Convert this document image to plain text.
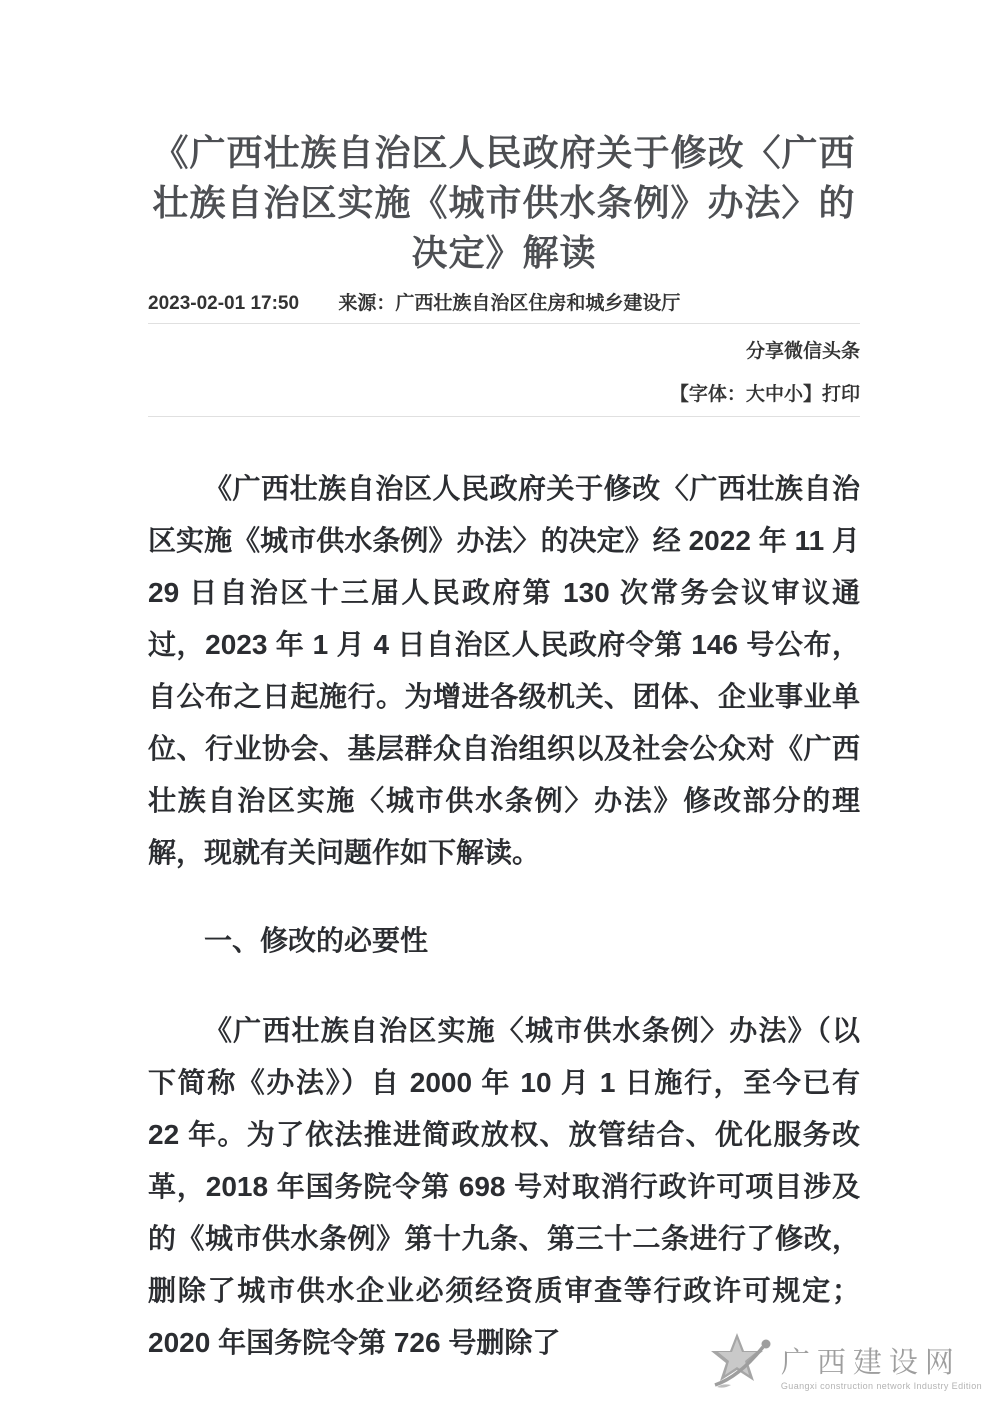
《广西壮族自治区人民政府关于修改〈广西壮族自治区实施《城市供水条例》办法〉的决定》解读
2023-02-01 17:50 来源：广西壮族自治区住房和城乡建设厅
分享微信头条
【字体：大中小】打印

《广西壮族自治区人民政府关于修改〈广西壮族自治区实施《城市供水条例》办法〉的决定》经 2022 年 11 月 29 日自治区十三届人民政府第 130 次常务会议审议通过，2023 年 1 月 4 日自治区人民政府令第 146 号公布，自公布之日起施行。为增进各级机关、团体、企业事业单位、行业协会、基层群众自治组织以及社会公众对《广西壮族自治区实施〈城市供水条例〉办法》修改部分的理解，现就有关问题作如下解读。

一、修改的必要性

《广西壮族自治区实施〈城市供水条例〉办法》（以下简称《办法》）自 2000 年 10 月 1 日施行，至今已有 22 年。为了依法推进简政放权、放管结合、优化服务改革，2018 年国务院令第 698 号对取消行政许可项目涉及的《城市供水条例》第十九条、第三十二条进行了修改，删除了城市供水企业必须经资质审查等行政许可规定；2020 年国务院令第 726 号删除了

广西建设网
Guangxi construction network Industry Edition
